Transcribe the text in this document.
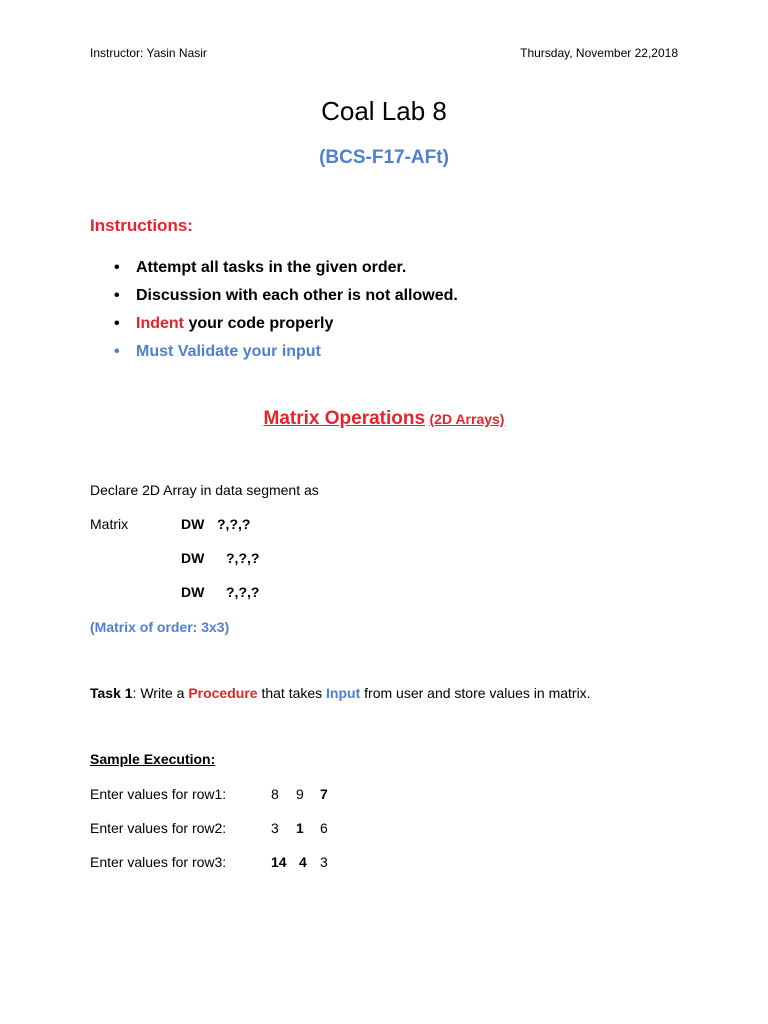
Instructor: Yasin Nasir	Thursday, November 22,2018
Coal Lab 8
(BCS-F17-AFt)
Instructions:
• Attempt all tasks in the given order.
• Discussion with each other is not allowed.
• Indent your code properly
• Must Validate your input
Matrix Operations (2D Arrays)
Declare 2D Array in data segment as
Matrix	DW ?,?,?
DW ?,?,?
DW ?,?,?
(Matrix of order: 3x3)
Task 1: Write a Procedure that takes Input from user and store values in matrix.
Sample Execution:
Enter values for row1:	8 9 7
Enter values for row2:	3 1 6
Enter values for row3:	14 4 3
